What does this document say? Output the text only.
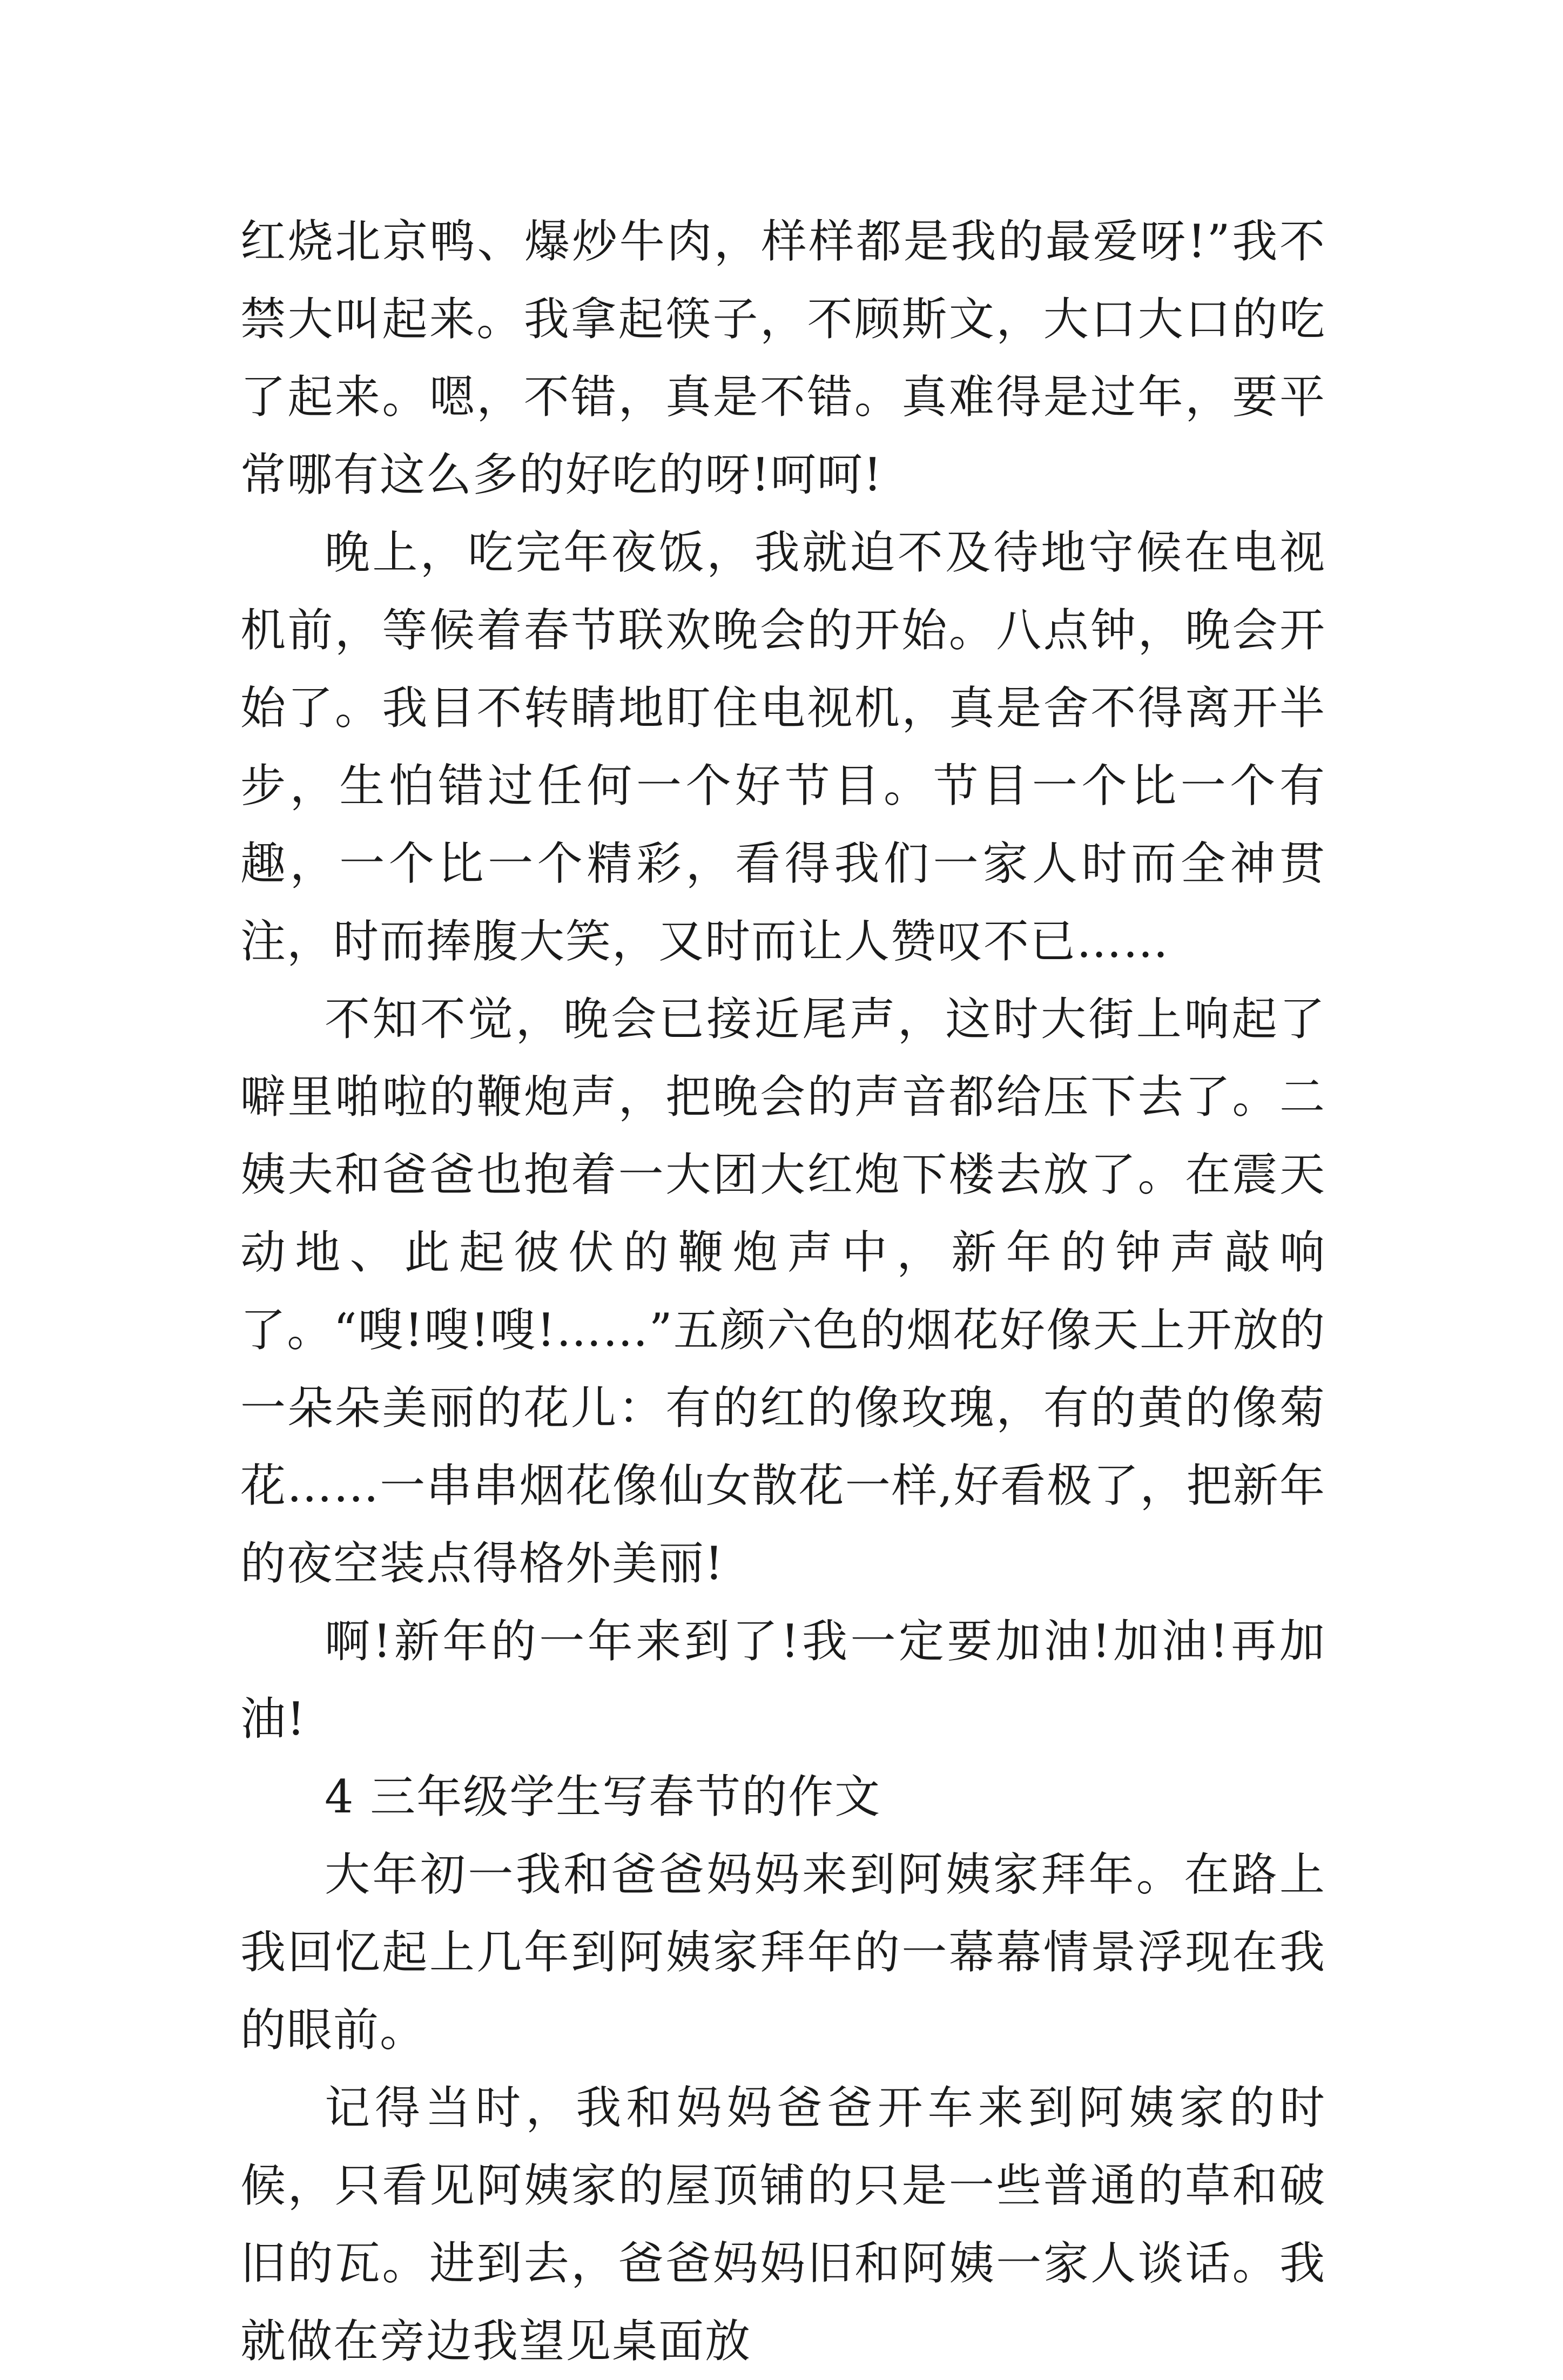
红烧北京鸭、爆炒牛肉，样样都是我的最爱呀!”我不禁大叫起来。我拿起筷子，不顾斯文，大口大口的吃了起来。嗯，不错，真是不错。真难得是过年，要平常哪有这么多的好吃的呀!呵呵!

晚上，吃完年夜饭，我就迫不及待地守候在电视机前，等候着春节联欢晚会的开始。八点钟，晚会开始了。我目不转睛地盯住电视机，真是舍不得离开半步，生怕错过任何一个好节目。节目一个比一个有趣，一个比一个精彩，看得我们一家人时而全神贯注，时而捧腹大笑，又时而让人赞叹不已……

不知不觉，晚会已接近尾声，这时大街上响起了噼里啪啦的鞭炮声，把晚会的声音都给压下去了。二姨夫和爸爸也抱着一大团大红炮下楼去放了。在震天动地、此起彼伏的鞭炮声中，新年的钟声敲响了。“嗖!嗖!嗖!……”五颜六色的烟花好像天上开放的一朵朵美丽的花儿：有的红的像玫瑰，有的黄的像菊花……一串串烟花像仙女散花一样,好看极了，把新年的夜空装点得格外美丽!

啊!新年的一年来到了!我一定要加油!加油!再加油!

4 三年级学生写春节的作文

大年初一我和爸爸妈妈来到阿姨家拜年。在路上我回忆起上几年到阿姨家拜年的一幕幕情景浮现在我的眼前。

记得当时，我和妈妈爸爸开车来到阿姨家的时候，只看见阿姨家的屋顶铺的只是一些普通的草和破旧的瓦。进到去，爸爸妈妈旧和阿姨一家人谈话。我就做在旁边我望见桌面放
